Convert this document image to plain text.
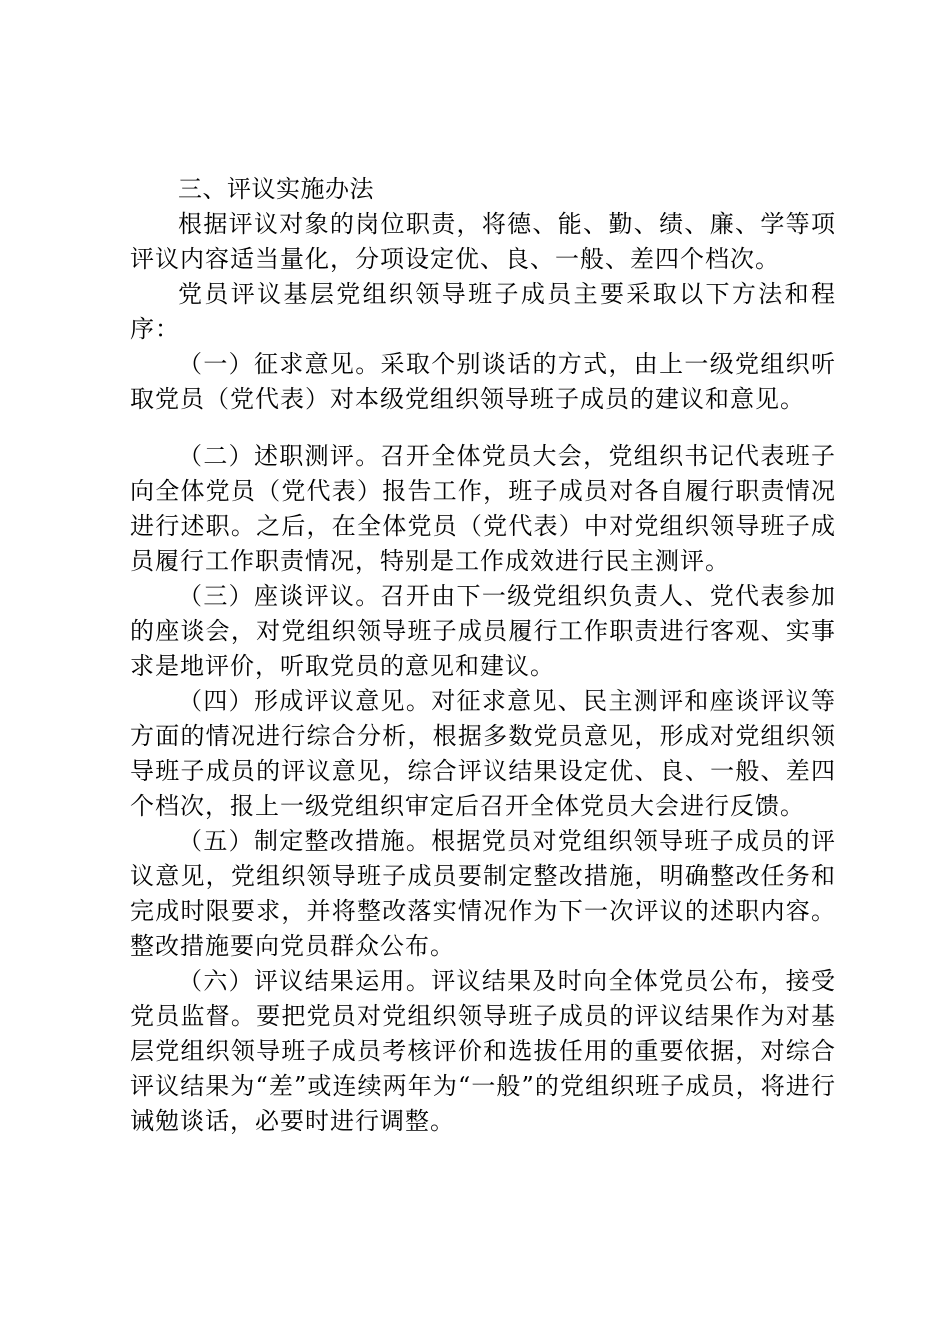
三、评议实施办法

根据评议对象的岗位职责，将德、能、勤、绩、廉、学等项评议内容适当量化，分项设定优、良、一般、差四个档次。

党员评议基层党组织领导班子成员主要采取以下方法和程序：

（一）征求意见。采取个别谈话的方式，由上一级党组织听取党员（党代表）对本级党组织领导班子成员的建议和意见。

（二）述职测评。召开全体党员大会，党组织书记代表班子向全体党员（党代表）报告工作，班子成员对各自履行职责情况进行述职。之后，在全体党员（党代表）中对党组织领导班子成员履行工作职责情况，特别是工作成效进行民主测评。

（三）座谈评议。召开由下一级党组织负责人、党代表参加的座谈会，对党组织领导班子成员履行工作职责进行客观、实事求是地评价，听取党员的意见和建议。

（四）形成评议意见。对征求意见、民主测评和座谈评议等方面的情况进行综合分析，根据多数党员意见，形成对党组织领导班子成员的评议意见，综合评议结果设定优、良、一般、差四个档次，报上一级党组织审定后召开全体党员大会进行反馈。

（五）制定整改措施。根据党员对党组织领导班子成员的评议意见，党组织领导班子成员要制定整改措施，明确整改任务和完成时限要求，并将整改落实情况作为下一次评议的述职内容。整改措施要向党员群众公布。

（六）评议结果运用。评议结果及时向全体党员公布，接受党员监督。要把党员对党组织领导班子成员的评议结果作为对基层党组织领导班子成员考核评价和选拔任用的重要依据，对综合评议结果为“差”或连续两年为“一般”的党组织班子成员，将进行诫勉谈话，必要时进行调整。
